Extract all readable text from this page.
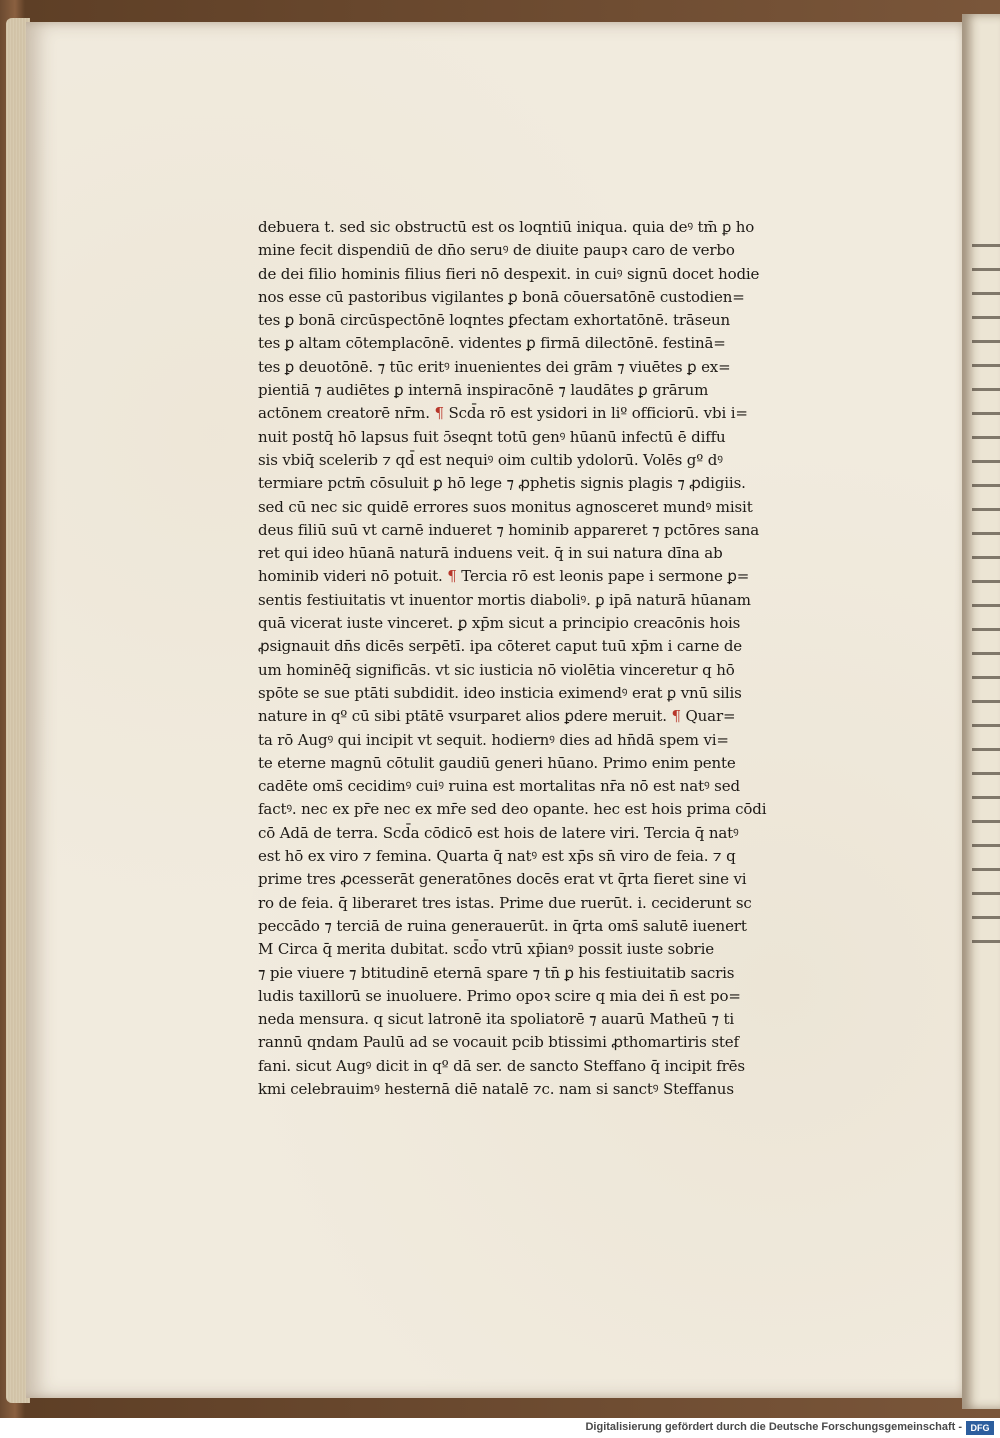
debuera t. sed sic obstructū est os loqntiū iniqua. quia deꝰ tm̄ ꝑ ho
mine fecit dispendiū de dn̄o seruꝰ de diuite paupꝛ caro de verbo
de dei filio hominis filius fieri nō despexit. in cuiꝰ signū docet hodie
nos esse cū pastoribus vigilantes ꝑ bonā cōuersatōnē custodien=
tes ꝑ bonā circūspectōnē loqntes ꝑfectam exhortatōnē. trāseun
tes ꝑ altam cōtemplacōnē. videntes ꝑ firmā dilectōnē. festinā=
tes ꝑ deuotōnē. ⁊ tūc eritꝰ inuenientes dei grām ⁊ viuētes ꝑ ex=
pientiā ⁊ audiētes ꝑ internā inspiracōnē ⁊ laudātes ꝑ grārum
actōnem creatorē nr̄m. ¶ Scd̄a rō est ysidori in liº officiorū. vbi i=
nuit postq̄ hō lapsus fuit ɔ̄seqnt totū genꝰ hūanū infectū ē diffu
sis vbiq̄ scelerib ⁊ qd̄ est nequiꝰ oim cultib ydolorū. Volēs gº dꝰ
termiare pctm̄ cōsuluit ꝑ hō lege ⁊ ꝓphetis signis plagis ⁊ ꝓdigiis.
sed cū nec sic quidē errores suos monitus agnosceret mundꝰ misit
deus filiū suū vt carnē indueret ⁊ hominib appareret ⁊ pctōres sana
ret qui ideo hūanā naturā induens veit. q̄ in sui natura dīna ab
hominib videri nō potuit. ¶ Tercia rō est leonis pape i sermone ꝑ=
sentis festiuitatis vt inuentor mortis diaboliꝰ. ꝑ ipā naturā hūanam
quā vicerat iuste vinceret. ꝑ xp̄m sicut a principio creacōnis hois
ꝓsignauit dn̄s dicēs serpētī. ipa cōteret caput tuū xp̄m i carne de
um hominēq̄ significās. vt sic iusticia nō violētia vinceretur q hō
spōte se sue ptāti subdidit. ideo insticia eximendꝰ erat ꝑ vnū silis
nature in qº cū sibi ptātē vsurparet alios ꝑdere meruit. ¶ Quar=
ta rō Augꝰ qui incipit vt sequit. hodiernꝰ dies ad hn̄dā spem vi=
te eterne magnū cōtulit gaudiū generi hūano. Primo enim pente
cadēte oms̄ cecidimꝰ cuiꝰ ruina est mortalitas nr̄a nō est natꝰ sed
factꝰ. nec ex pr̄e nec ex mr̄e sed deo opante. hec est hois prima cōdi
cō Adā de terra. Scd̄a cōdicō est hois de latere viri. Tercia q̄ natꝰ
est hō ex viro ⁊ femina. Quarta q̄ natꝰ est xp̄s sn̄ viro de feia. ⁊ q
prime tres ꝓcesserāt generatōnes docēs erat vt q̄rta fieret sine vi
ro de feia. q̄ liberaret tres istas. Prime due ruerūt. i. ceciderunt sc
peccādo ⁊ terciā de ruina generauerūt. in q̄rta oms̄ salutē iuenert
M Circa q̄ merita dubitat. scd̄o vtrū xp̄ianꝰ possit iuste sobrie
⁊ pie viuere ⁊ btitudinē eternā spare ⁊ tn̄ ꝑ his festiuitatib sacris
ludis taxillorū se inuoluere. Primo opoꝛ scire q mia dei n̄ est po=
neda mensura. q sicut latronē ita spoliatorē ⁊ auarū Matheū ⁊ ti
rannū qndam Paulū ad se vocauit pcib btissimi ꝓthomartiris stef
fani. sicut Augꝰ dicit in qº dā ser. de sancto Steffano q̄ incipit frēs
kmi celebrauimꝰ hesternā diē natalē ⁊c. nam si sanctꝰ Steffanus
Digitalisierung gefördert durch die Deutsche Forschungsgemeinschaft - DFG
